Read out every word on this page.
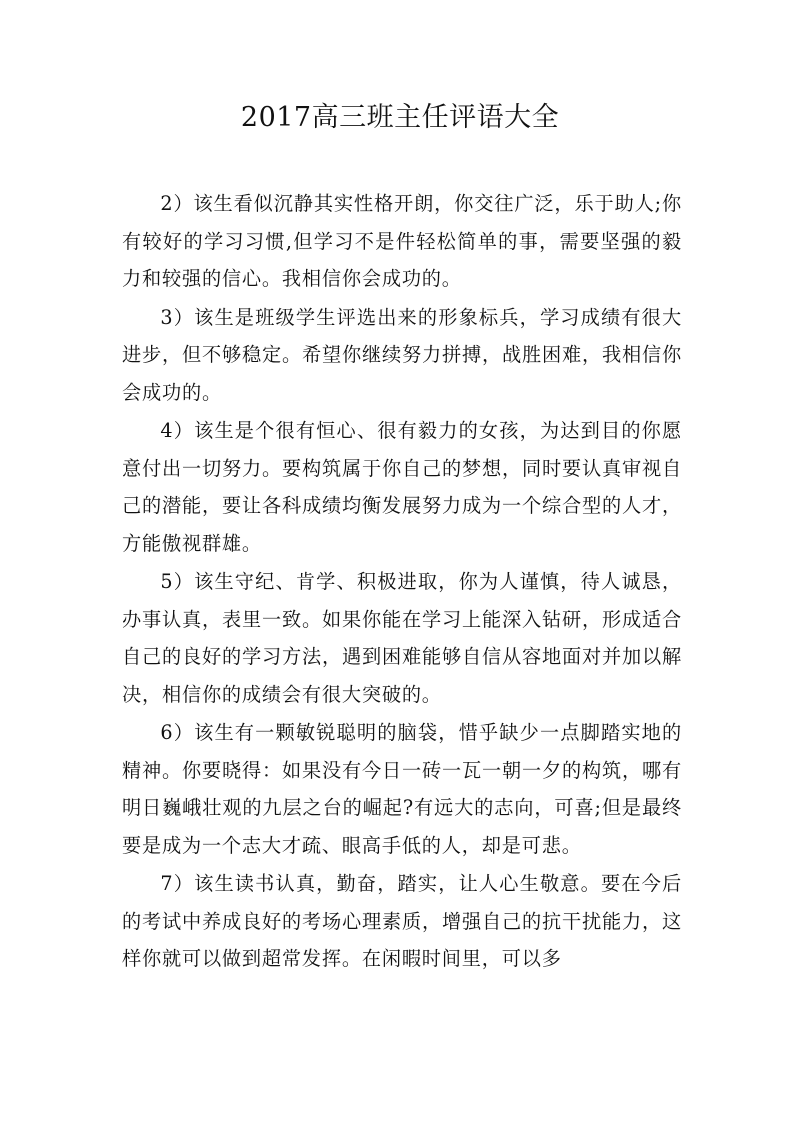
2017高三班主任评语大全

2）该生看似沉静其实性格开朗，你交往广泛，乐于助人;你有较好的学习习惯,但学习不是件轻松简单的事，需要坚强的毅力和较强的信心。我相信你会成功的。

3）该生是班级学生评选出来的形象标兵，学习成绩有很大进步，但不够稳定。希望你继续努力拼搏，战胜困难，我相信你会成功的。

4）该生是个很有恒心、很有毅力的女孩，为达到目的你愿意付出一切努力。要构筑属于你自己的梦想，同时要认真审视自己的潜能，要让各科成绩均衡发展努力成为一个综合型的人才，方能傲视群雄。

5）该生守纪、肯学、积极进取，你为人谨慎，待人诚恳，办事认真，表里一致。如果你能在学习上能深入钻研，形成适合自己的良好的学习方法，遇到困难能够自信从容地面对并加以解决，相信你的成绩会有很大突破的。

6）该生有一颗敏锐聪明的脑袋，惜乎缺少一点脚踏实地的精神。你要晓得：如果没有今日一砖一瓦一朝一夕的构筑，哪有明日巍峨壮观的九层之台的崛起?有远大的志向，可喜;但是最终要是成为一个志大才疏、眼高手低的人，却是可悲。

7）该生读书认真，勤奋，踏实，让人心生敬意。要在今后的考试中养成良好的考场心理素质，增强自己的抗干扰能力，这样你就可以做到超常发挥。在闲暇时间里，可以多
